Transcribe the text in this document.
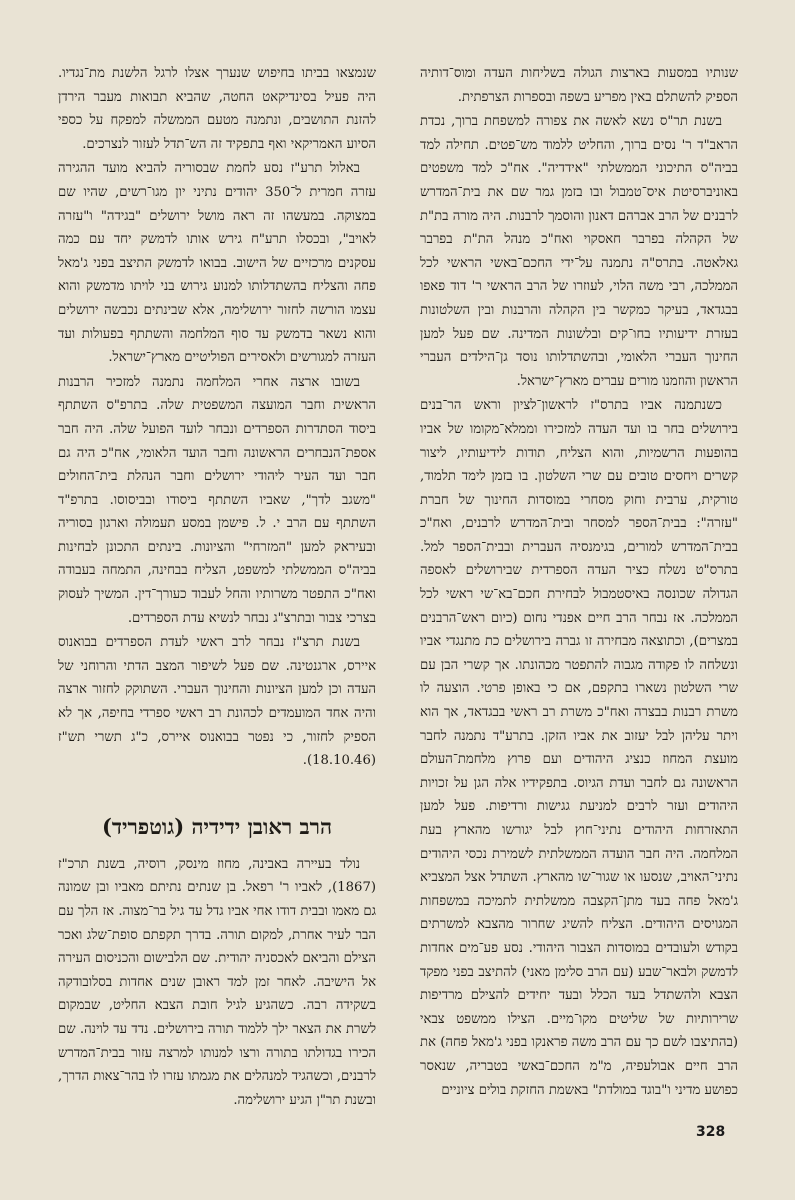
שנותיו במסעות בארצות הגולה בשליחות העדה ומוס־דותיה הספיק להשתלם באין מפריע בשפה ובספרות הצרפתית.

בשנת תר"ס נשא לאשה את צפורה למשפחת ברוך, נכדת הראב"ד ר' נסים ברוך, והחליט ללמוד מש־פטים. תחילה למד בביה"ס התיכוני הממשלתי "אידדיה". אח"כ למד משפטים באוניברסיטת איס־טמבול ובו בזמן גמר שם את בית־המדרש לרבנים של הרב אברהם דאנון והוסמך לרבנות. היה מורה בת"ת של הקהלה בפרבר חאסקוי ואח"כ מנהל הת"ת בפרבר גאלאטה. בתרס"ה נתמנה על־ידי החכם־באשי הראשי לכל הממלכה, רבי משה הלוי, לעוזרו של הרב הראשי ר' דוד פאפו בבגדאד, בעיקר כמקשר בין הקהלה והרבנות ובין השלטונות בעזרת ידיעותיו בחו־קים ובלשונות המדינה. שם פעל למען החינוך העברי הלאומי, ובהשתדלותו נוסד גן־הילדים העברי הראשון והוזמנו מורים עברים מארץ־ישראל.

כשנתמנה אביו בתרס"ז לראשון־לציון וראש הר־בנים בירושלים בחר בו ועד העדה למזכירו וממלא־מקומו של אביו בהופעות הרשמיות, והוא הצליח, תודות לידיעותיו, ליצור קשרים ויחסים טובים עם שרי השלטון. בו בזמן לימד תלמוד, טורקית, ערבית וחוק מסחרי במוסדות החינוך של חברת "עזרה": בבית־הספר למסחר ובית־המדרש לרבנים, ואח"כ בבית־המדרש למורים, בגימנסיה העברית ובבית־הספר למל. בתרס"ט נשלח כציר העדה הספרדית שבירושלים לאספה הגדולה שכונסה באיסטמבול לבחירת חכם־בא־שי ראשי לכל הממלכה. אז נבחר הרב חיים אפנדי נחום (כיום ראש־הרבנים במצרים), וכתוצאה מבחירה זו גברה בירושלים כת מתנגדי אביו ונשלחה לו פקודה מגבוה להתפטר מכהונתו. אך קשרי הבן עם שרי השלטון נשארו בתקפם, אם כי באופן פרטי. הוצעה לו משרת רבנות בבצרה ואח"כ משרת רב ראשי בבגדאד, אך הוא ויתר עליהן לבל יעזוב את אביו הזקן. בתרע"ד נתמנה לחבר מועצת המחוז כנציג היהודים ועם פרוץ מלחמת־העולם הראשונה גם לחבר ועדת הגיוס. בתפקידיו אלה הגן על זכויות היהודים ועזר לרבים למניעת גגישות ורדיפות. פעל למען התאזרחות היהודים נתיני־חוץ לבל יגורשו מהארץ בעת המלחמה. היה חבר הועדה הממשלתית לשמירת נכסי היהודים נתיני־האויב, שנסעו או שגור־שו מהארץ. השתדל אצל המצביא ג'מאל פחה בעד מתן־הקצבה ממשלתית לתמיכה במשפחות המגויסים היהודים. הצליח להשיג שחרור מהצבא למשרתים בקודש ולעובדים במוסדות הצבור היהודי. נסע פע־מים אחדות לדמשק ולבאר־שבע (עם הרב סלימן מאני) להתיצב בפני מפקד הצבא ולהשתדל בעד הכלל ובעד יחידים להצילם מרדיפות שרירותיות של שליטים מקו־מיים. הצילו ממשפט צבאי (בהתיצבו לשם כך עם הרב משה פראנקו בפני ג'מאל פחה) את הרב חיים אבולעפיה, מ"מ החכם־באשי בטבריה, שנאסר כפושע מדיני ו"בוגד במולדת" באשמת החזקת בולים ציוניים

שנמצאו בביתו בחיפוש שנערך אצלו לרגל הלשנת מת־נגדיו. היה פעיל בסינדיקאט החטה, שהביא תבואות מעבר הירדן להזנת התושבים, ונתמנה מטעם הממשלה למפקח על כספי הסיוע האמריקאי ואף בתפקיד זה הש־תדל לעזור לנצרכים.

באלול תרע"ז נסע לחמת שבסוריה להביא מועד ההגירה עזרה חמרית ל־350 יהודים נתיני יון מגו־רשים, שהיו שם במצוקה. במעשהו זה ראה מושל ירושלים "בגידה" ו"עזרה לאויב", ובכסלו תרע"ח גירש אותו לדמשק יחד עם כמה עסקנים מרכזיים של הישוב. בבואו לדמשק התיצב בפני ג'מאל פחה והצליח בהשתדלותו למנוע גירוש בני לויתו מדמשק והוא עצמו הורשה לחזור ירושלימה, אלא שבינתים נכבשה ירושלים והוא נשאר בדמשק עד סוף המלחמה והשתתף בפעולות ועד העזרה למגורשים ולאסירים הפוליטיים מארץ־ישראל.

בשובו ארצה אחרי המלחמה נתמנה למזכיר הרבנות הראשית וחבר המועצה המשפטית שלה. בתרפ"ס השתתף ביסוד הסתדרות הספרדים ונבחר לועד הפועל שלה. היה חבר אספת־הנבחרים הראשונה וחבר הועד הלאומי, אח"כ היה גם חבר ועד העיר ליהודי ירושלים וחבר הנהלת בית־החולים "משגב לדך", שאביו השתתף ביסודו ובביסוסו. בתרפ"ד השתתף עם הרב י. ל. פישמן במסע תעמולה וארגון בסוריה ובעיראק למען "המזרחי" והציונות. בינתים התכונן לבחינות בביה"ס הממשלתי למשפט, הצליח בבחינה, התמחה בעבודה ואח"כ התפטר משרותיו והחל לעבוד כעורך־דין. המשיך לעסוק בצרכי צבור ובתרצ"ג נבחר לנשיא עדת הספרדים.

בשנת תרצ"ז נבחר לרב ראשי לעדת הספרדים בבואנוס איירס, ארגנטינה. שם פעל לשיפור המצב הדתי והרוחני של העדה וכן למען הציונות והחינוך העברי. השתוקק לחזור ארצה והיה אחד המועמדים לכהונת רב ראשי ספרדי בחיפה, אך לא הספיק לחזור, כי נפטר בבואנוס איירס, כ"ג תשרי תש"ז (18.10.46).

הרב ראובן ידידיה (גוטפריד)

נולד בעיירה באבינה, מחוז מינסק, רוסיה, בשנת תרכ"ז (1867), לאביו ר' רפאל. בן שנתים נתיתם מאביו ובן שמונה גם מאמו ובבית דודו אחי אביו גדל עד גיל בר־מצוה. אז הלך עם הבר לעיר אחרת, למקום תורה. בדרך תקפתם סופת־שלג ואכר הצילם והביאם לאכסניה יהודית. שם הלבישום והכניסום העירה אל הישיבה. לאחר זמן למד ראובן שנים אחדות בסלובודקה בשקידה רבה. כשהגיע לגיל חובת הצבא החליט, שבמקום לשרת את הצאר ילך ללמוד תורה בירושלים. נדד עד לוינה. שם הכירו בגדולתו בתורה ורצו למנותו למרצה עזור בבית־המדרש לרבנים, וכשהגיד למנהלים את מגמתו עזרו לו בהר־צאות הדרך, ובשנת תר"ן הגיע ירושלימה.

328
